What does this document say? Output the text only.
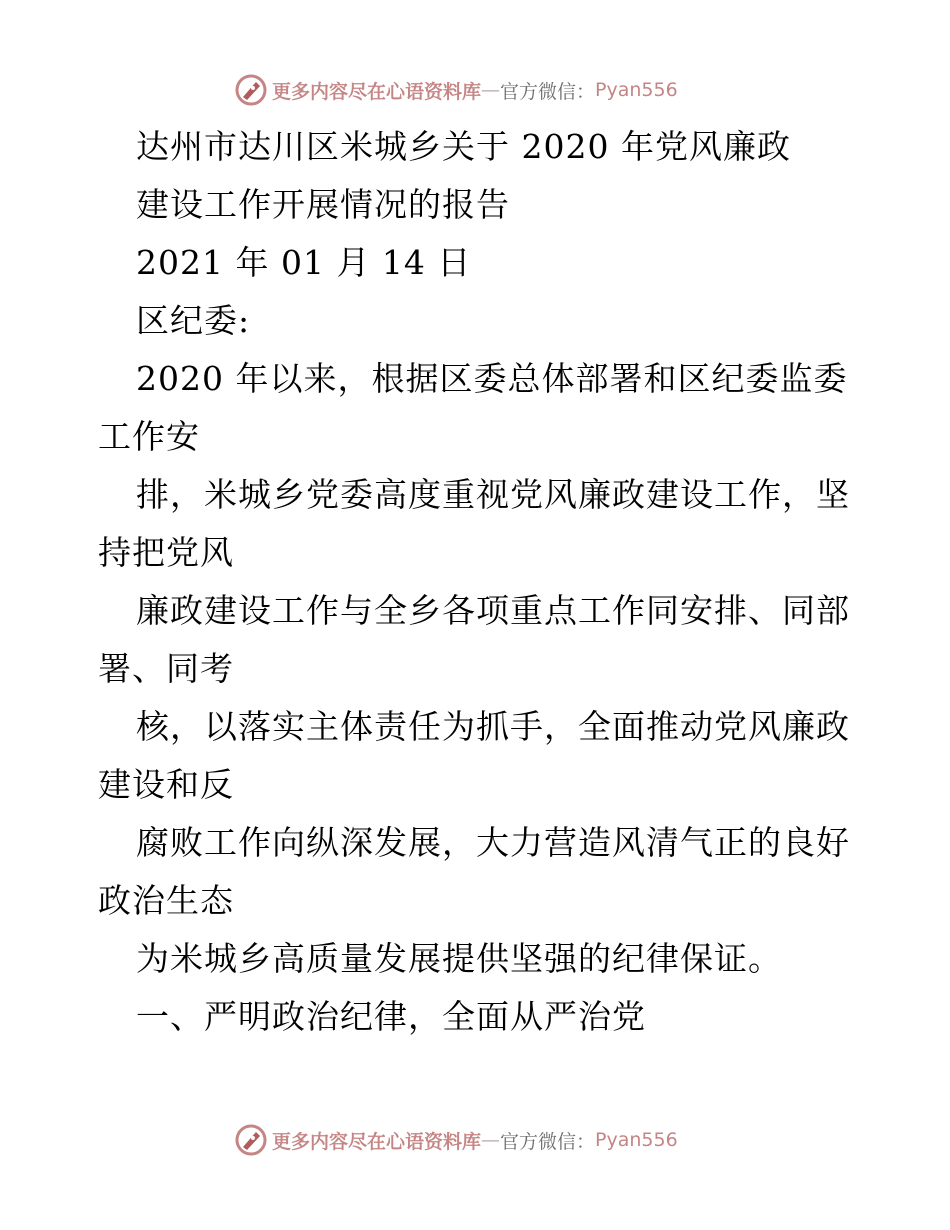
更多内容尽在心语资料库 — 官方微信： Pyan556
达州市达川区米城乡关于 2020 年党风廉政
建设工作开展情况的报告
2021 年 01 月 14 日
区纪委:
2020 年以来，根据区委总体部署和区纪委监委
工作安
排，米城乡党委高度重视党风廉政建设工作，坚
持把党风
廉政建设工作与全乡各项重点工作同安排、同部
署、同考
核，以落实主体责任为抓手，全面推动党风廉政
建设和反
腐败工作向纵深发展，大力营造风清气正的良好
政治生态
为米城乡高质量发展提供坚强的纪律保证。
一、严明政治纪律，全面从严治党
更多内容尽在心语资料库 — 官方微信： Pyan556
